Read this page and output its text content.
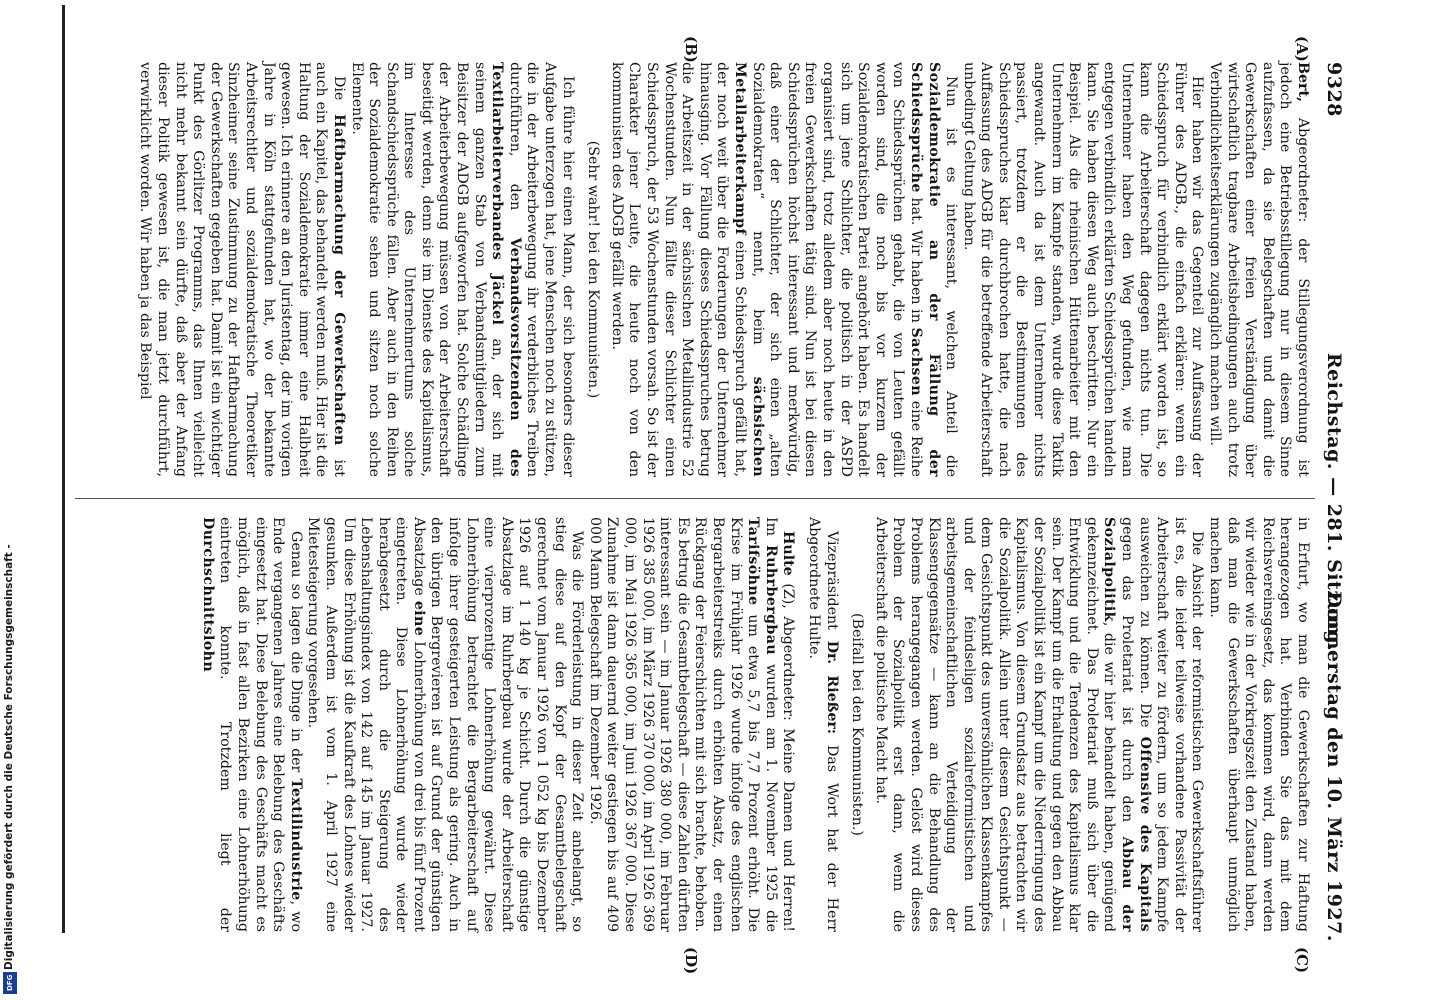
9328
Reichstag. — 281. Sitzung.
Donnerstag den 10. März 1927.
(A)
(B)
(C)
(D)

Bert, Abgeordneter: der Stillegungsverordnung ist jedoch eine Betriebsstillegung nur in diesem Sinne aufzufassen, da sie Belegschaften und damit die Gewerkschaften einer freien Verständigung über wirtschaftlich tragbare Arbeitsbedingungen auch trotz Verbindlichkeitserklärungen zugänglich machen will.

Hier haben wir das Gegenteil zur Auffassung der Führer des ADGB., die einfach erklären: wenn ein Schiedsspruch für verbindlich erklärt worden ist, so kann die Arbeiterschaft dagegen nichts tun. Die Unternehmer haben den Weg gefunden, wie man entgegen verbindlich erklärten Schiedssprüchen handeln kann. Sie haben diesen Weg auch beschritten. Nur ein Beispiel. Als die rheinischen Hüttenarbeiter mit den Unternehmern im Kampfe standen, wurde diese Taktik angewandt. Auch da ist dem Unternehmer nichts passiert, trotzdem er die Bestimmungen des Schiedsspruches klar durchbrochen hatte, die nach Auffassung des ADGB für die betreffende Arbeiterschaft unbedingt Geltung haben.

Nun ist es interessant, welchen Anteil die Sozialdemokratie an der Fällung der Schiedssprüche hat. Wir haben in Sachsen eine Reihe von Schiedssprüchen gehabt, die von Leuten gefällt worden sind, die noch bis vor kurzem der Sozialdemokratischen Partei angehört haben. Es handelt sich um jene Schlichter, die politisch in der ASPD organisiert sind, trotz alledem aber noch heute in den freien Gewerkschaften tätig sind. Nun ist bei diesen Schiedssprüchen höchst interessant und merkwürdig, daß einer der Schlichter, der sich einen „alten Sozialdemokraten“ nennt, beim sächsischen Metallarbeiterkampf einen Schiedsspruch gefällt hat, der noch weit über die Forderungen der Unternehmer hinausging. Vor Fällung dieses Schiedsspruches betrug die Arbeitszeit in der sächsischen Metallindustrie 52 Wochenstunden. Nun fällte dieser Schlichter einen Schiedsspruch, der 53 Wochenstunden vorsah. So ist der Charakter jener Leute, die heute noch von den kommunisten des ADGB gefällt werden.

(Sehr wahr! bei den Kommunisten.)

Ich führe hier einen Mann, der sich besonders dieser Aufgabe unterzogen hat, jene Menschen noch zu stützen, die in der Arbeiterbewegung ihr verderbliches Treiben durchführen, den Verbandsvorsitzenden des Textilarbeiterverbandes Jäckel an, der sich mit seinem ganzen Stab von Verbandsmitgliedern zum Beisitzer der ADGB aufgeworfen hat. Solche Schädlinge der Arbeiterbewegung müssen von der Arbeiterschaft beseitigt werden, denn sie im Dienste des Kapitalismus, im Interesse des Unternehmertums solche Schandschiedssprüche fällen. Aber auch in den Reihen der Sozialdemokratie sehen und sitzen noch solche Elemente.

Die Haftbarmachung der Gewerkschaften ist auch ein Kapitel, das behandelt werden muß. Hier ist die Haltung der Sozialdemokratie immer eine Halbheit gewesen. Ich erinnere an den Juristentag, der im vorigen Jahre in Köln stattgefunden hat, wo der bekannte Arbeitsrechtler und sozialdemokratische Theoretiker Sinzheimer seine Zustimmung zu der Haftbarmachung der Gewerkschaften gegeben hat. Damit ist ein wichtiger Punkt des Görlitzer Programms, das Ihnen vielleicht nicht mehr bekannt sein dürfte, daß aber der Anfang dieser Politik gewesen ist, die man jetzt durchführt, verwirklicht worden. Wir haben ja das Beispiel

in Erfurt, wo man die Gewerkschaften zur Haftung herangezogen hat. Verbinden Sie das mit dem Reichsvereinsgesetz, das kommen wird, dann werden wir wieder wie in der Vorkriegszeit den Zustand haben, daß man die Gewerkschaften überhaupt unmöglich machen kann.

Die Absicht der reformistischen Gewerkschaftsführer ist es, die leider teilweise vorhandene Passivität der Arbeiterschaft weiter zu fördern, um so jedem Kampfe ausweichen zu können. Die Offensive des Kapitals gegen das Proletariat ist durch den Abbau der Sozialpolitik, die wir hier behandelt haben, genügend gekennzeichnet. Das Proletariat muß sich über die Entwicklung und die Tendenzen des Kapitalismus klar sein. Der Kampf um die Erhaltung und gegen den Abbau der Sozialpolitik ist ein Kampf um die Niederringung des Kapitalismus. Von diesem Grundsatz aus betrachten wir die Sozialpolitik. Allein unter diesem Gesichtspunkt — dem Gesichtspunkt des unversöhnlichen Klassenkampfes und der feindseligen sozialreformistischen und arbeitsgemeinschaftlichen Verteidigung der Klassengegensätze — kann an die Behandlung des Problems herangegangen werden. Gelöst wird dieses Problem der Sozialpolitik erst dann, wenn die Arbeiterschaft die politische Macht hat.

(Beifall bei den Kommunisten.)

Vizepräsident Dr. Rießer: Das Wort hat der Herr Abgeordnete Hulte.

Hulte (Z), Abgeordneter: Meine Damen und Herren! Im Ruhrbergbau wurden am 1. November 1925 die Tarifsöhne um etwa 5,7 bis 7,7 Prozent erhöht. Die Krise im Frühjahr 1926 wurde infolge des englischen Bergarbeiterstreiks durch erhöhten Absatz, der einen Rückgang der Feierschichten mit sich brachte, behoben. Es betrug die Gesamtbelegschaft — diese Zahlen dürften interessant sein — im Januar 1926 380 000, im Februar 1926 385 000, im März 1926 370 000, im April 1926 369 000, im Mai 1926 365 000, im Juni 1926 367 000. Diese Zunahme ist dann dauernd weiter gestiegen bis auf 409 000 Mann Belegschaft im Dezember 1926.

Was die Förderleistung in dieser Zeit anbelangt, so stieg diese auf den Kopf der Gesamtbelegschaft gerechnet vom Januar 1926 von 1 052 kg bis Dezember 1926 auf 1 140 kg je Schicht. Durch die günstige Absatzlage im Ruhrbergbau wurde der Arbeiterschaft eine vierprozentige Lohnerhöhung gewährt. Diese Lohnerhöhung betrachtet die Bergarbeiterschaft auf infolge ihrer gesteigerten Leistung als gering. Auch in den übrigen Bergrevieren ist auf Grund der günstigen Absatzlage eine Lohnerhöhung von drei bis fünf Prozent eingetreten. Diese Lohnerhöhung wurde wieder herabgesetzt durch die Steigerung des Lebenshaltungsindex von 142 auf 145 im Januar 1927. Um diese Erhöhung ist die Kaufkraft des Lohnes wieder gesunken. Außerdem ist vom 1. April 1927 eine Mietesteigerung vorgesehen.

Genau so lagen die Dinge in der Textilindustrie, wo Ende vergangenen Jahres eine Belebung des Geschäfts eingesetzt hat. Diese Belebung des Geschäfts macht es möglich, daß in fast allen Bezirken eine Lohnerhöhung eintreten konnte. Trotzdem liegt der Durchschnittslohn

Digitalisierung gefördert durch die Deutsche Forschungsgemeinschaft -
DFG
